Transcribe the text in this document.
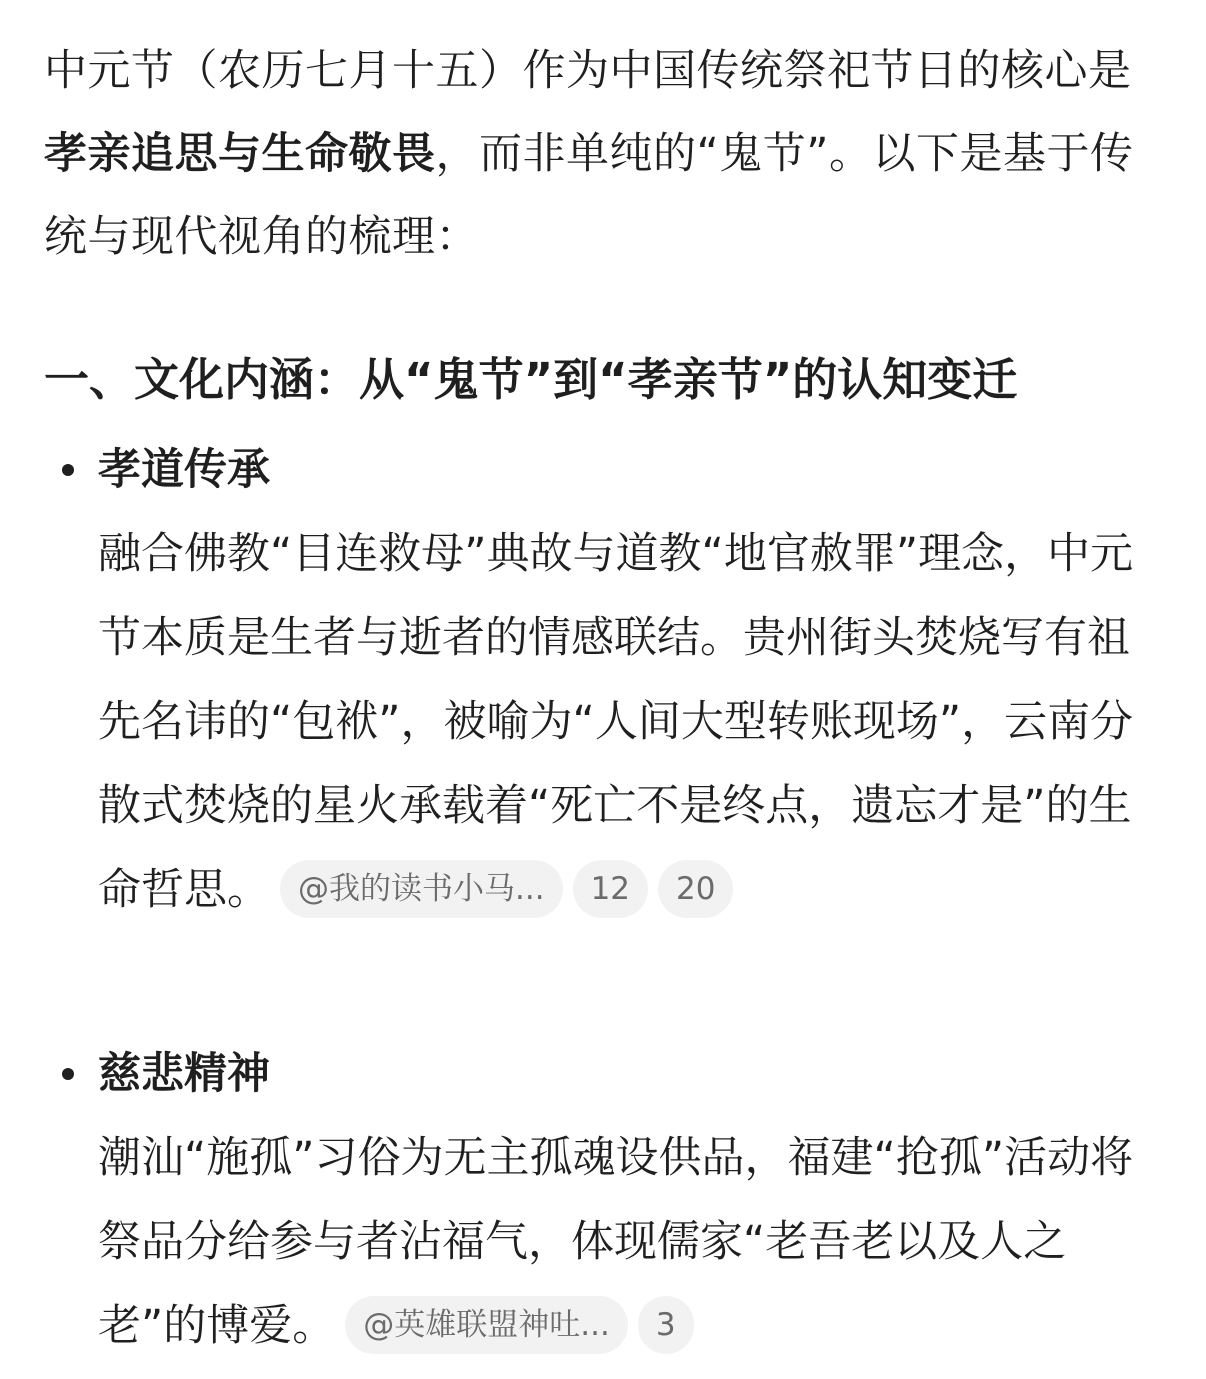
中元节（农历七月十五）作为中国传统祭祀节日的核心是孝亲追思与生命敬畏，而非单纯的“鬼节”。以下是基于传统与现代视角的梳理：

一、文化内涵：从“鬼节”到“孝亲节”的认知变迁
孝道传承
融合佛教“目连救母”典故与道教“地官赦罪”理念，中元节本质是生者与逝者的情感联结。贵州街头焚烧写有祖先名讳的“包袱”，被喻为“人间大型转账现场”，云南分散式焚烧的星火承载着“死亡不是终点，遗忘才是”的生命哲思。 @我的读书小马... 12 20
慈悲精神
潮汕“施孤”习俗为无主孤魂设供品，福建“抢孤”活动将祭品分给参与者沾福气，体现儒家“老吾老以及人之老”的博爱。 @英雄联盟神吐... 3
